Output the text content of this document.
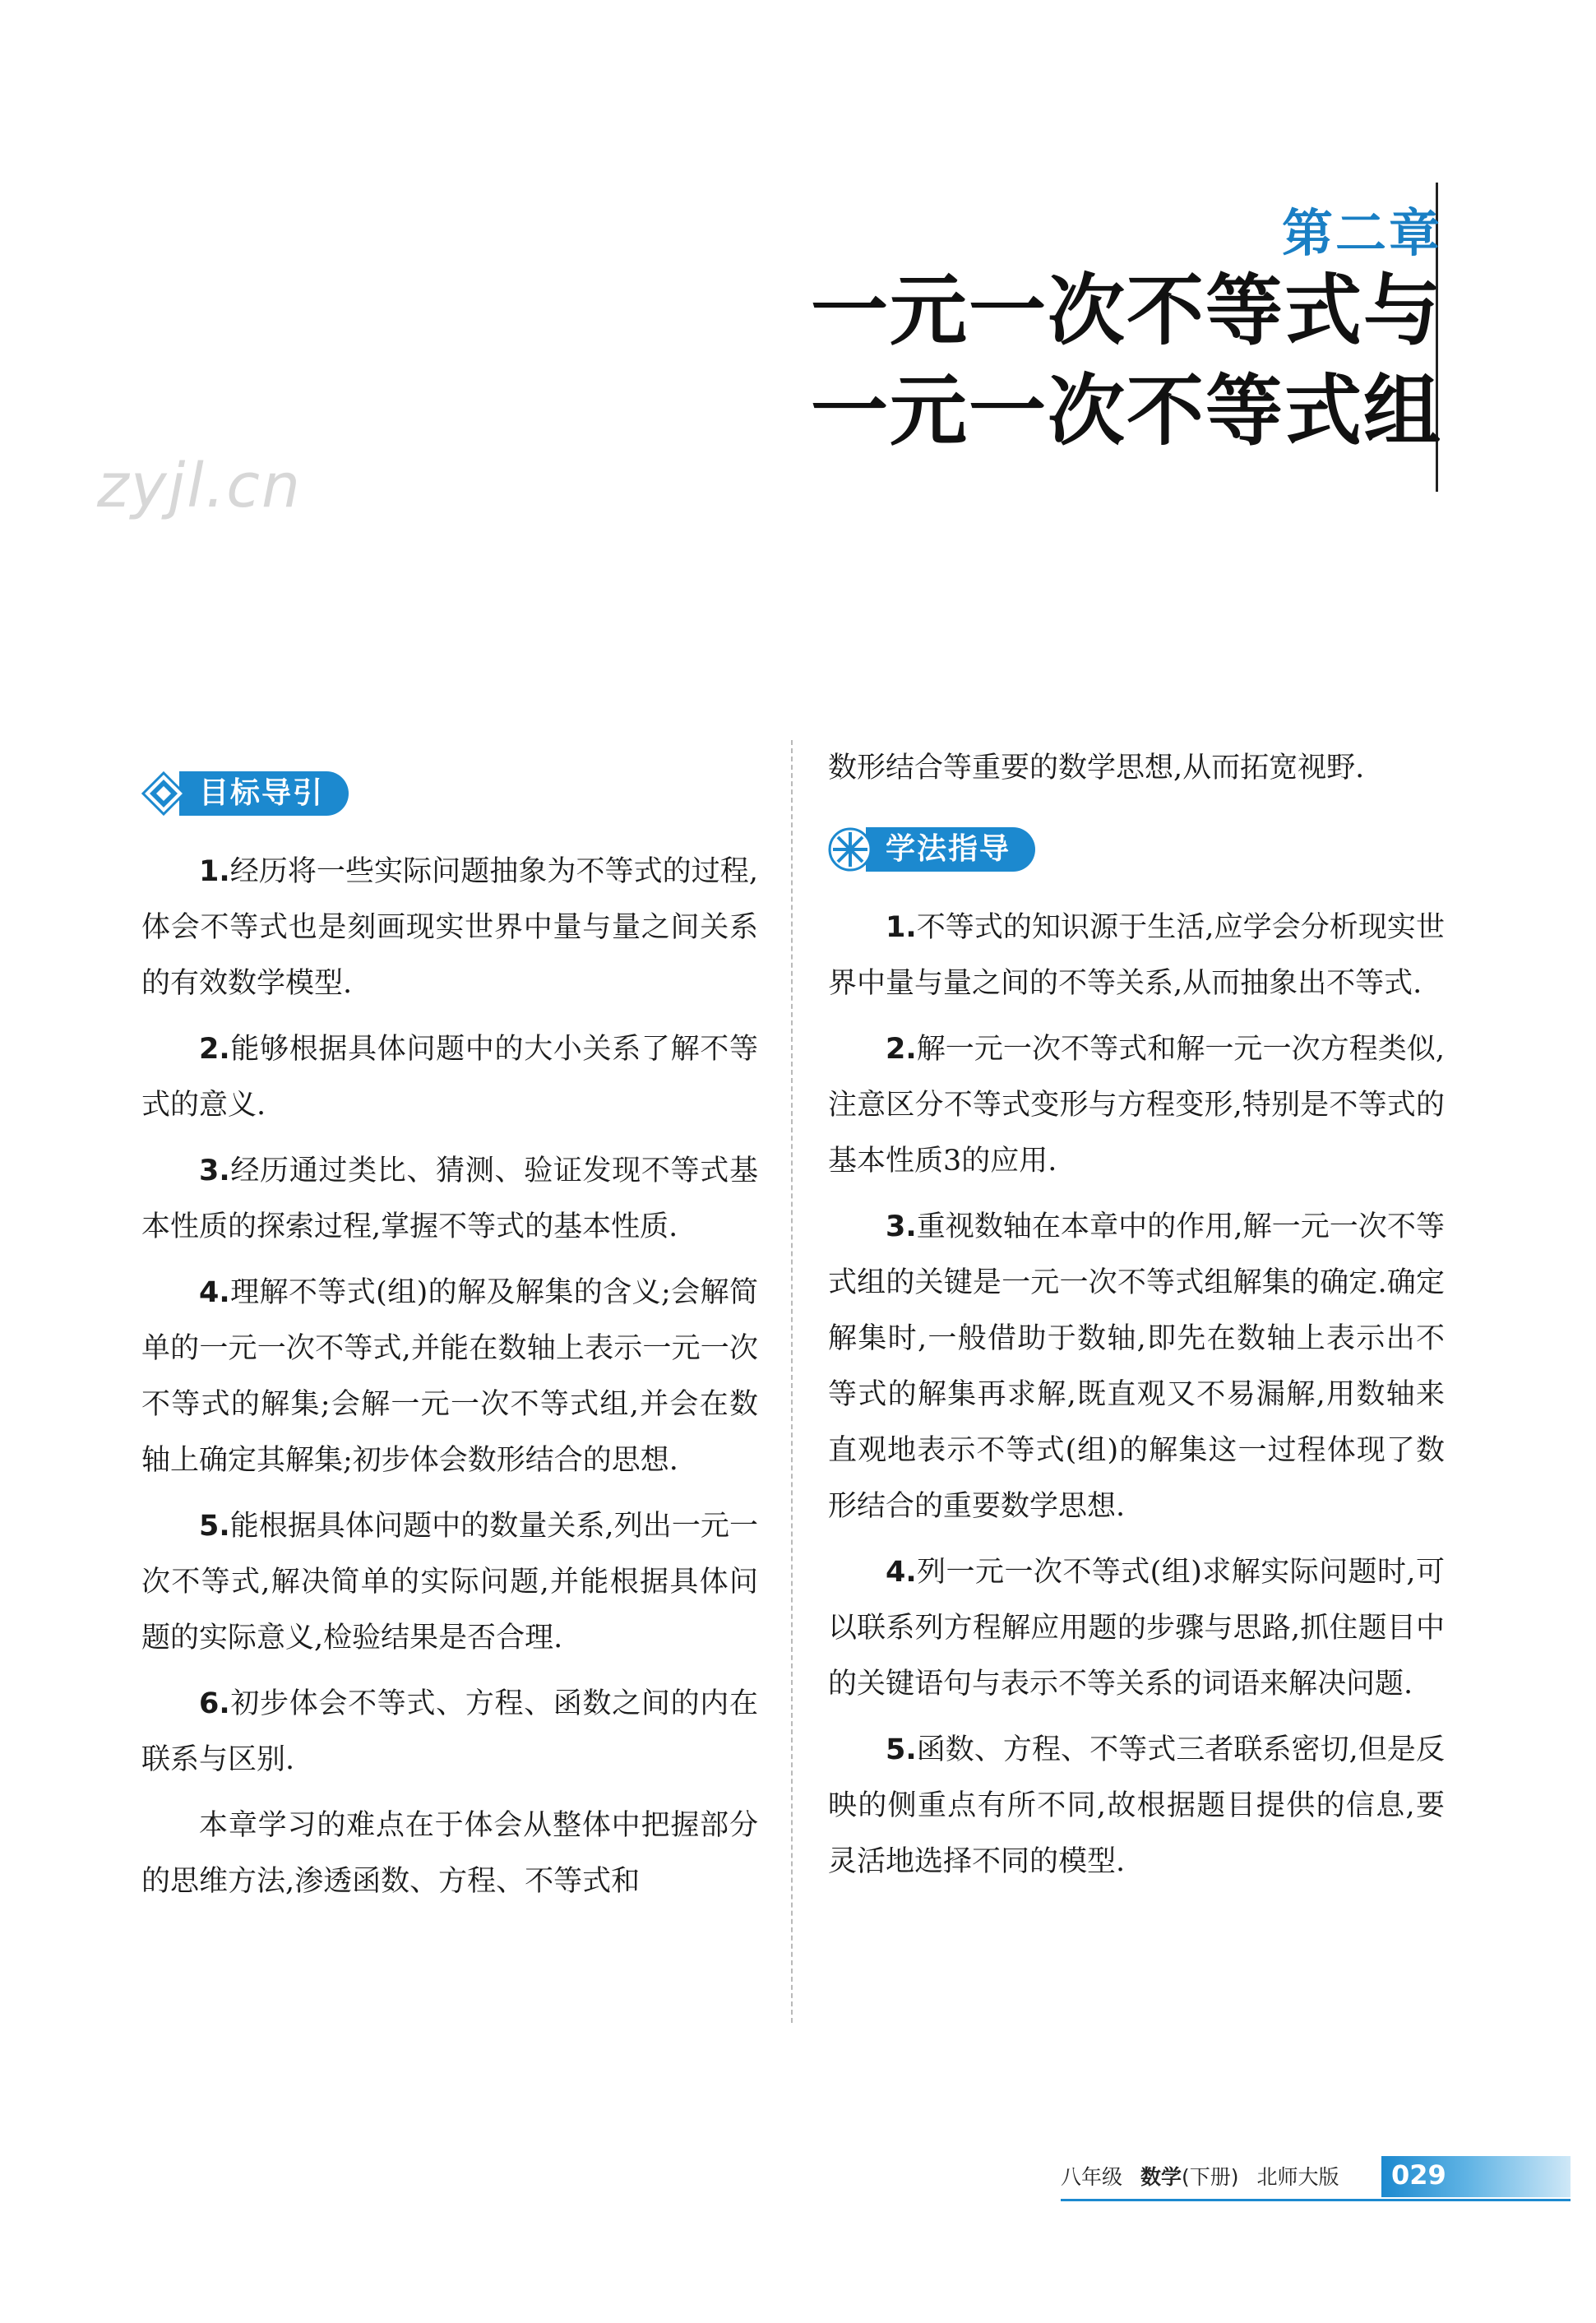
第二章
一元一次不等式与
一元一次不等式组
zyjl.cn
目标导引

1.经历将一些实际问题抽象为不等式的过程,体会不等式也是刻画现实世界中量与量之间关系的有效数学模型.

2.能够根据具体问题中的大小关系了解不等式的意义.

3.经历通过类比、猜测、验证发现不等式基本性质的探索过程,掌握不等式的基本性质.

4.理解不等式(组)的解及解集的含义;会解简单的一元一次不等式,并能在数轴上表示一元一次不等式的解集;会解一元一次不等式组,并会在数轴上确定其解集;初步体会数形结合的思想.

5.能根据具体问题中的数量关系,列出一元一次不等式,解决简单的实际问题,并能根据具体问题的实际意义,检验结果是否合理.

6.初步体会不等式、方程、函数之间的内在联系与区别.

本章学习的难点在于体会从整体中把握部分的思维方法,渗透函数、方程、不等式和

数形结合等重要的数学思想,从而拓宽视野.

学法指导

1.不等式的知识源于生活,应学会分析现实世界中量与量之间的不等关系,从而抽象出不等式.

2.解一元一次不等式和解一元一次方程类似,注意区分不等式变形与方程变形,特别是不等式的基本性质3的应用.

3.重视数轴在本章中的作用,解一元一次不等式组的关键是一元一次不等式组解集的确定.确定解集时,一般借助于数轴,即先在数轴上表示出不等式的解集再求解,既直观又不易漏解,用数轴来直观地表示不等式(组)的解集这一过程体现了数形结合的重要数学思想.

4.列一元一次不等式(组)求解实际问题时,可以联系列方程解应用题的步骤与思路,抓住题目中的关键语句与表示不等关系的词语来解决问题.

5.函数、方程、不等式三者联系密切,但是反映的侧重点有所不同,故根据题目提供的信息,要灵活地选择不同的模型.

八年级 数学(下册) 北师大版 029
